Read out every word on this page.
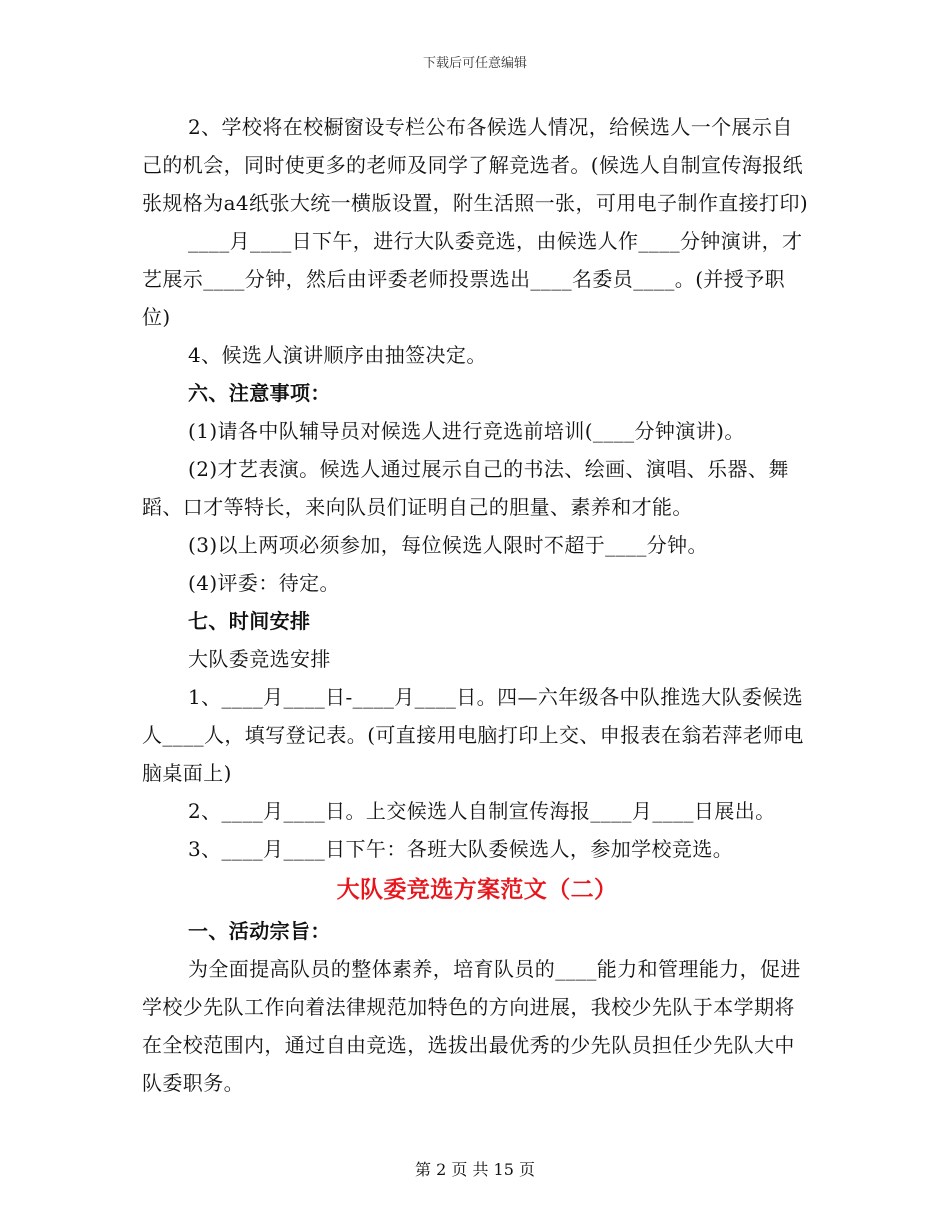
下载后可任意编辑

2、学校将在校橱窗设专栏公布各候选人情况，给候选人一个展示自己的机会，同时使更多的老师及同学了解竞选者。(候选人自制宣传海报纸张规格为a4纸张大统一横版设置，附生活照一张，可用电子制作直接打印)

____月____日下午，进行大队委竞选，由候选人作____分钟演讲，才艺展示____分钟，然后由评委老师投票选出____名委员____。(并授予职位)

4、候选人演讲顺序由抽签决定。

六、注意事项：

(1)请各中队辅导员对候选人进行竞选前培训(____分钟演讲)。

(2)才艺表演。候选人通过展示自己的书法、绘画、演唱、乐器、舞蹈、口才等特长，来向队员们证明自己的胆量、素养和才能。

(3)以上两项必须参加，每位候选人限时不超于____分钟。

(4)评委：待定。

七、时间安排

大队委竞选安排

1、____月____日-____月____日。四—六年级各中队推选大队委候选人____人，填写登记表。(可直接用电脑打印上交、申报表在翁若萍老师电脑桌面上)

2、____月____日。上交候选人自制宣传海报____月____日展出。

3、____月____日下午：各班大队委候选人，参加学校竞选。

大队委竞选方案范文（二）

一、活动宗旨：

为全面提高队员的整体素养，培育队员的____能力和管理能力，促进学校少先队工作向着法律规范加特色的方向进展，我校少先队于本学期将在全校范围内，通过自由竞选，选拔出最优秀的少先队员担任少先队大中队委职务。

第 2 页 共 15 页
